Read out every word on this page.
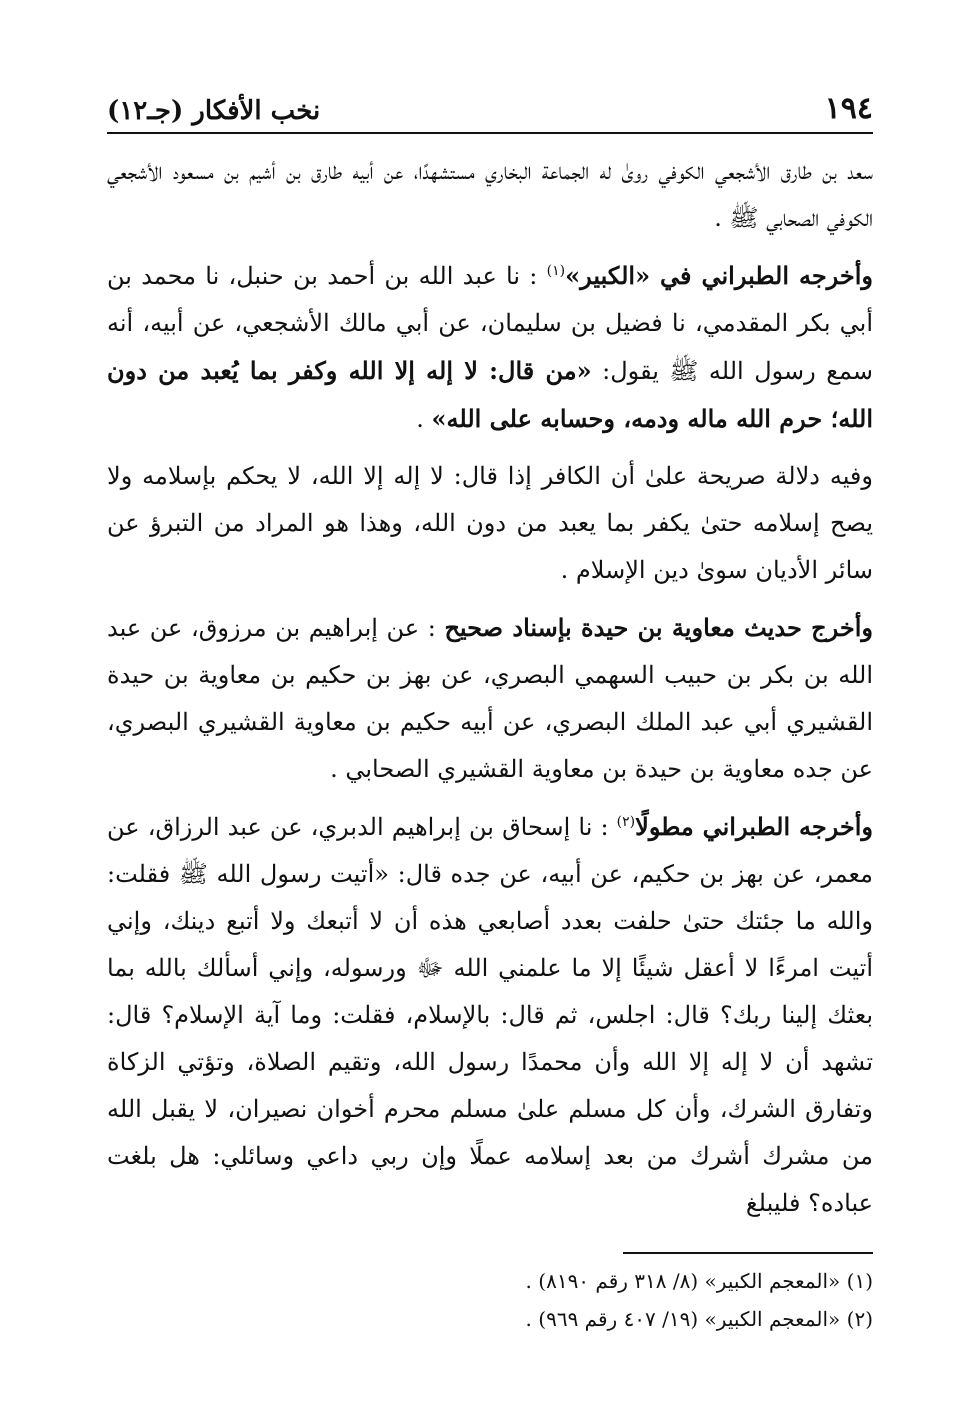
١٩٤
نخب الأفكار (جـ١٢)

سعد بن طارق الأشجعي الكوفي روىٰ له الجماعة البخاري مستشهدًا، عن أبيه طارق بن أشيم بن مسعود الأشجعي الكوفي الصحابي ﷺ .

وأخرجه الطبراني في «الكبير»$^{(١)}$ : نا عبد الله بن أحمد بن حنبل، نا محمد بن أبي بكر المقدمي، نا فضيل بن سليمان، عن أبي مالك الأشجعي، عن أبيه، أنه سمع رسول الله ﷺ يقول: «من قال: لا إله إلا الله وكفر بما يُعبد من دون الله؛ حرم الله ماله ودمه، وحسابه على الله» .

وفيه دلالة صريحة علىٰ أن الكافر إذا قال: لا إله إلا الله، لا يحكم بإسلامه ولا يصح إسلامه حتىٰ يكفر بما يعبد من دون الله، وهذا هو المراد من التبرؤ عن سائر الأديان سوىٰ دين الإسلام .

وأخرج حديث معاوية بن حيدة بإسناد صحيح : عن إبراهيم بن مرزوق، عن عبد الله بن بكر بن حبيب السهمي البصري، عن بهز بن حكيم بن معاوية بن حيدة القشيري أبي عبد الملك البصري، عن أبيه حكيم بن معاوية القشيري البصري، عن جده معاوية بن حيدة بن معاوية القشيري الصحابي .

وأخرجه الطبراني مطولًا$^{(٢)}$ : نا إسحاق بن إبراهيم الدبري، عن عبد الرزاق، عن معمر، عن بهز بن حكيم، عن أبيه، عن جده قال: «أتيت رسول الله ﷺ فقلت: والله ما جئتك حتىٰ حلفت بعدد أصابعي هذه أن لا أتبعك ولا أتبع دينك، وإني أتيت امرءًا لا أعقل شيئًا إلا ما علمني الله ﷻ ورسوله، وإني أسألك بالله بما بعثك إلينا ربك؟ قال: اجلس، ثم قال: بالإسلام، فقلت: وما آية الإسلام؟ قال: تشهد أن لا إله إلا الله وأن محمدًا رسول الله، وتقيم الصلاة، وتؤتي الزكاة وتفارق الشرك، وأن كل مسلم علىٰ مسلم محرم أخوان نصيران، لا يقبل الله من مشرك أشرك من بعد إسلامه عملًا وإن ربي داعي وسائلي: هل بلغت عباده؟ فليبلغ

(١) «المعجم الكبير» (٨/ ٣١٨ رقم ٨١٩٠) .

(٢) «المعجم الكبير» (١٩/ ٤٠٧ رقم ٩٦٩) .
